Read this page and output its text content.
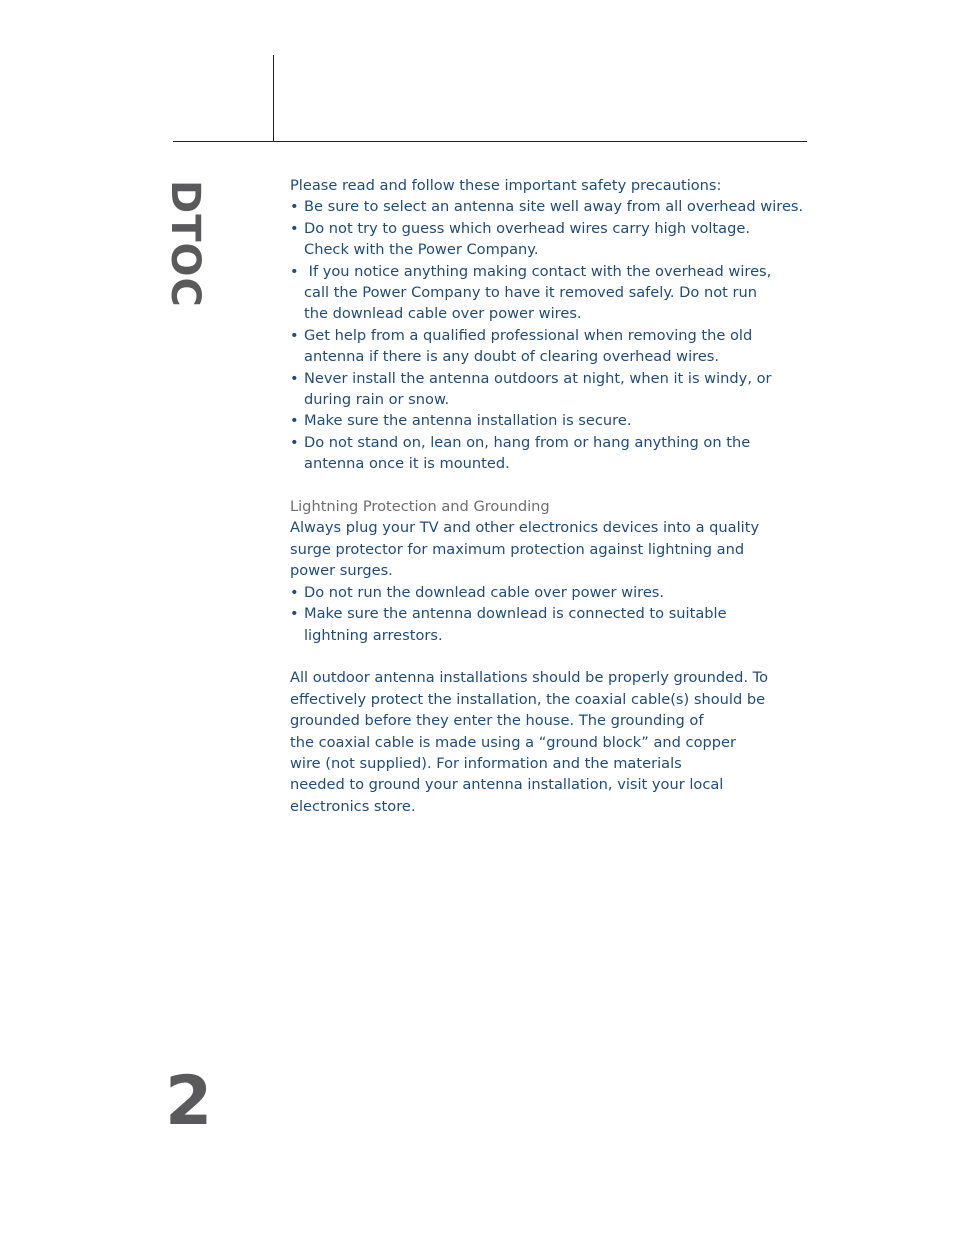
DTOC	Please read and follow these important safety precautions:

• Be sure to select an antenna site well away from all overhead wires.
• Do not try to guess which overhead wires carry high voltage.
Check with the Power Company.
• If you notice anything making contact with the overhead wires,
call the Power Company to have it removed safely. Do not run
the downlead cable over power wires.
• Get help from a qualified professional when removing the old
antenna if there is any doubt of clearing overhead wires.
• Never install the antenna outdoors at night, when it is windy, or
during rain or snow.
• Make sure the antenna installation is secure.
• Do not stand on, lean on, hang from or hang anything on the
antenna once it is mounted.

Lightning Protection and Grounding

Always plug your TV and other electronics devices into a quality

surge protector for maximum protection against lightning and

power surges.

• Do not run the downlead cable over power wires.
• Make sure the antenna downlead is connected to suitable
lightning arrestors.

All outdoor antenna installations should be properly grounded. To

effectively protect the installation, the coaxial cable(s) should be

grounded before they enter the house. The grounding of

the coaxial cable is made using a “ground block” and copper

wire (not supplied). For information and the materials

needed to ground your antenna installation, visit your local

electronics store.

2
